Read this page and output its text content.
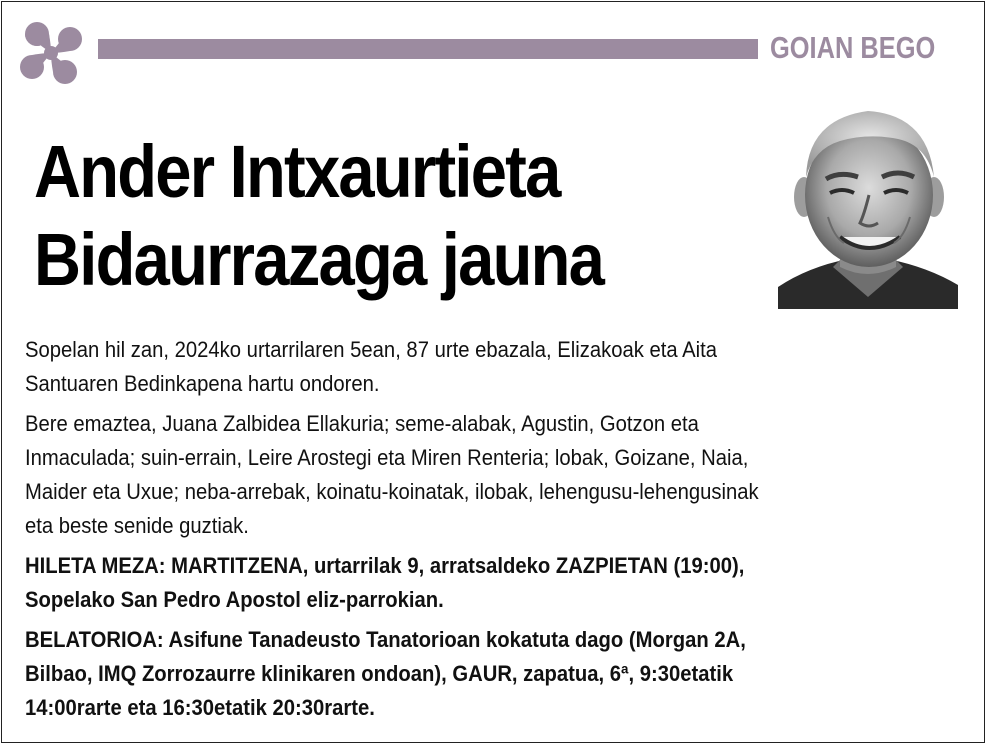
GOIAN BEGO
Ander Intxaurtieta
Bidaurrazaga jauna

Sopelan hil zan, 2024ko urtarrilaren 5ean, 87 urte ebazala, Elizakoak eta Aita
Santuaren Bedinkapena hartu ondoren.

Bere emaztea, Juana Zalbidea Ellakuria; seme-alabak, Agustin, Gotzon eta
Inmaculada; suin-errain, Leire Arostegi eta Miren Renteria; lobak, Goizane, Naia,
Maider eta Uxue; neba-arrebak, koinatu-koinatak, ilobak, lehengusu-lehengusinak
eta beste senide guztiak.

HILETA MEZA: MARTITZENA, urtarrilak 9, arratsaldeko ZAZPIETAN (19:00),
Sopelako San Pedro Apostol eliz-parrokian.

BELATORIOA: Asifune Tanadeusto Tanatorioan kokatuta dago (Morgan 2A,
Bilbao, IMQ Zorrozaurre klinikaren ondoan), GAUR, zapatua, 6ª, 9:30etatik
14:00rarte eta 16:30etatik 20:30rarte.
